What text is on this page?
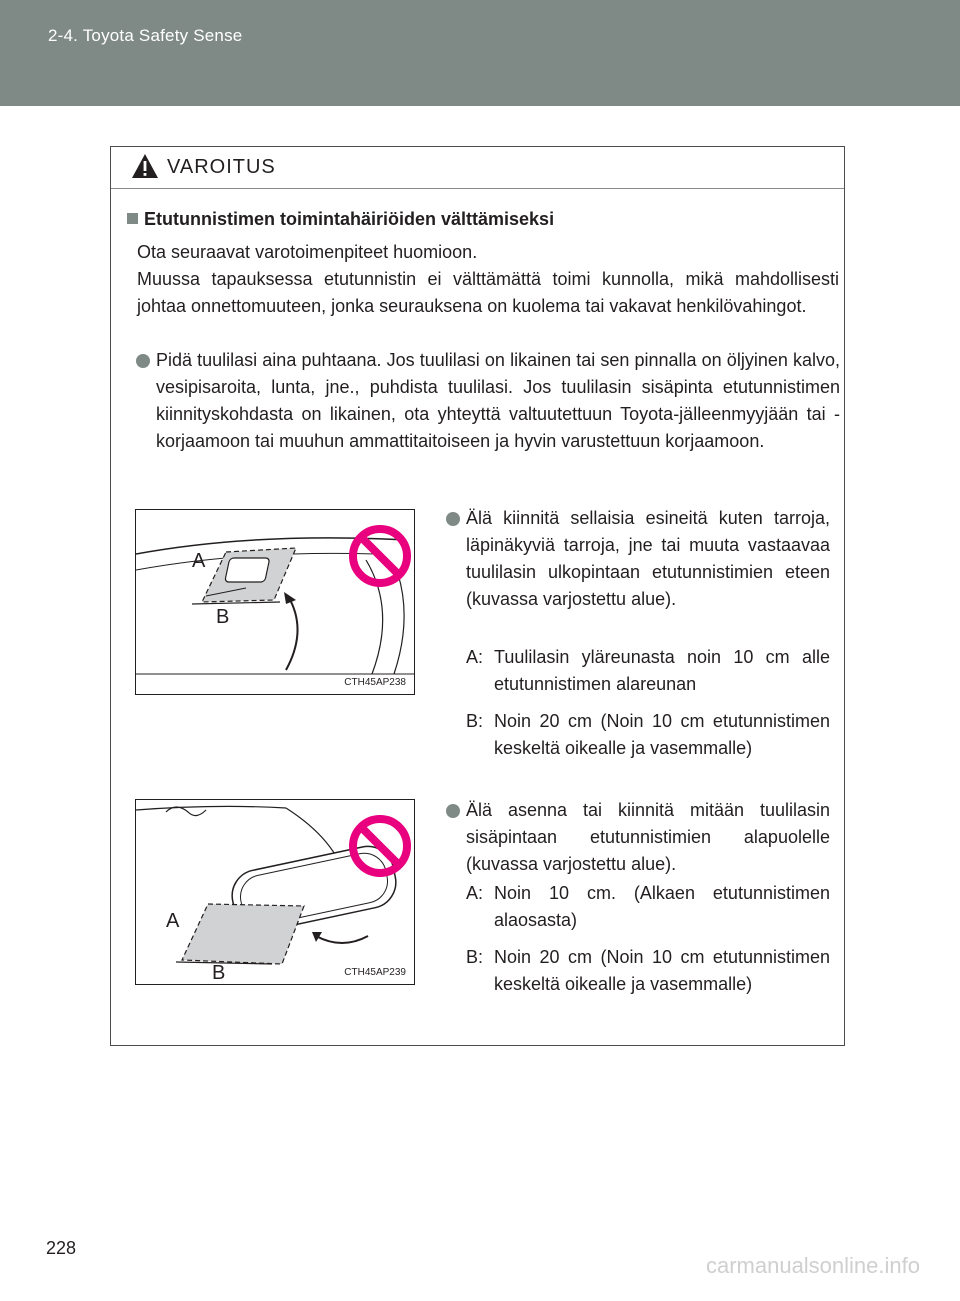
2-4. Toyota Safety Sense
VAROITUS
Etutunnistimen toimintahäiriöiden välttämiseksi
Ota seuraavat varotoimenpiteet huomioon.
Muussa tapauksessa etutunnistin ei välttämättä toimi kunnolla, mikä mahdollisesti johtaa onnettomuuteen, jonka seurauksena on kuolema tai vakavat henkilövahingot.
Pidä tuulilasi aina puhtaana. Jos tuulilasi on likainen tai sen pinnalla on öljyinen kalvo, vesipisaroita, lunta, jne., puhdista tuulilasi. Jos tuulilasin sisäpinta etutunnistimen kiinnityskohdasta on likainen, ota yhteyttä valtuutettuun Toyota-jälleenmyyjään tai -korjaamoon tai muuhun ammattitaitoiseen ja hyvin varustettuun korjaamoon.
A
B
CTH45AP238
Älä kiinnitä sellaisia esineitä kuten tarroja, läpinäkyviä tarroja, jne tai muuta vastaavaa tuulilasin ulkopintaan etutunnistimien eteen (kuvassa varjostettu alue).
A: Tuulilasin yläreunasta noin 10 cm alle etutunnistimen alareunan
B: Noin 20 cm (Noin 10 cm etutunnistimen keskeltä oikealle ja vasemmalle)
A
B	CTH45AP239
Älä asenna tai kiinnitä mitään tuulilasin sisäpintaan etutunnistimien alapuolelle (kuvassa varjostettu alue).
A: Noin 10 cm. (Alkaen etutunnistimen alaosasta)
B: Noin 20 cm (Noin 10 cm etutunnistimen keskeltä oikealle ja vasemmalle)
228
carmanualsonline.info
